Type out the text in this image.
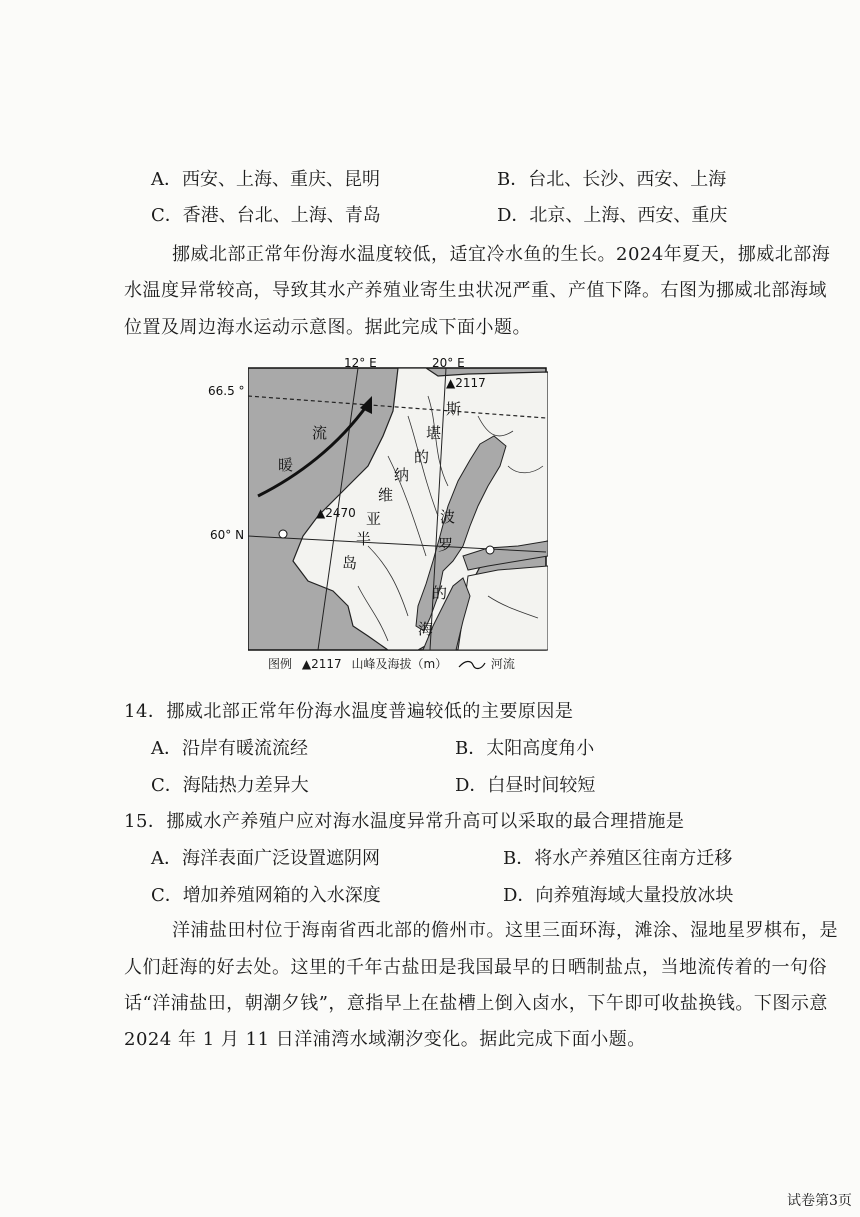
A．西安、上海、重庆、昆明	B．台北、长沙、西安、上海
C．香港、台北、上海、青岛	D．北京、上海、西安、重庆
挪威北部正常年份海水温度较低，适宜冷水鱼的生长。2024年夏天，挪威北部海
水温度异常较高，导致其水产养殖业寄生虫状况严重、产值下降。右图为挪威北部海域
位置及周边海水运动示意图。据此完成下面小题。
12° E	20° E
66.5 °
60° N
▲2117
▲2470
暖
流
斯
堪
的
纳
维
亚
半
岛
波
罗
的
海
图例 ▲2117 山峰及海拔（m）	河流
14．挪威北部正常年份海水温度普遍较低的主要原因是
A．沿岸有暖流流经	B．太阳高度角小
C．海陆热力差异大	D．白昼时间较短
15．挪威水产养殖户应对海水温度异常升高可以采取的最合理措施是
A．海洋表面广泛设置遮阴网	B．将水产养殖区往南方迁移
C．增加养殖网箱的入水深度	D．向养殖海域大量投放冰块
洋浦盐田村位于海南省西北部的儋州市。这里三面环海，滩涂、湿地星罗棋布，是
人们赶海的好去处。这里的千年古盐田是我国最早的日晒制盐点，当地流传着的一句俗
话“洋浦盐田，朝潮夕钱”，意指早上在盐槽上倒入卤水，下午即可收盐换钱。下图示意
2024 年 1 月 11 日洋浦湾水域潮汐变化。据此完成下面小题。
试卷第3页
